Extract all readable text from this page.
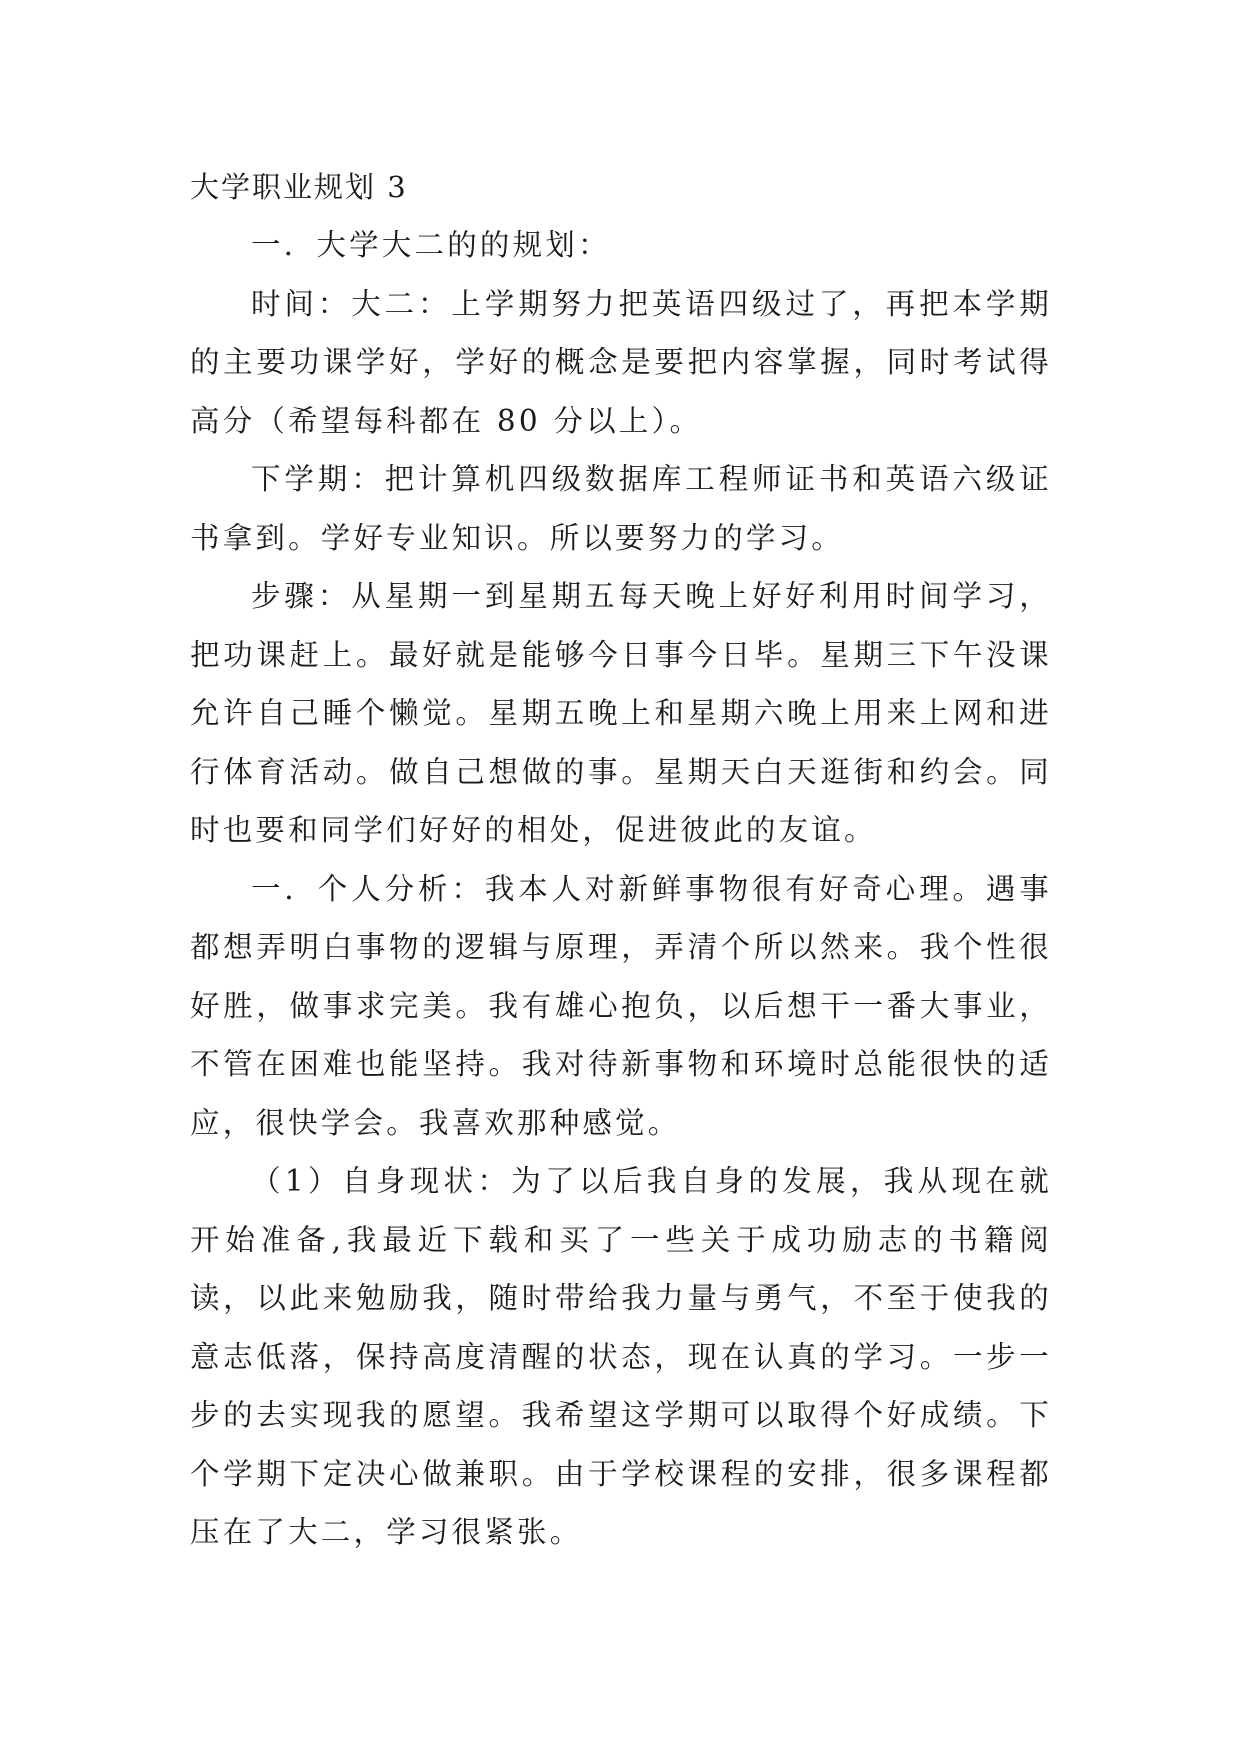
大学职业规划 3

一．大学大二的的规划：

时间：大二：上学期努力把英语四级过了，再把本学期的主要功课学好，学好的概念是要把内容掌握，同时考试得高分（希望每科都在 80 分以上）。

下学期：把计算机四级数据库工程师证书和英语六级证书拿到。学好专业知识。所以要努力的学习。

步骤：从星期一到星期五每天晚上好好利用时间学习，把功课赶上。最好就是能够今日事今日毕。星期三下午没课允许自己睡个懒觉。星期五晚上和星期六晚上用来上网和进行体育活动。做自己想做的事。星期天白天逛街和约会。同时也要和同学们好好的相处，促进彼此的友谊。

一．个人分析：我本人对新鲜事物很有好奇心理。遇事都想弄明白事物的逻辑与原理，弄清个所以然来。我个性很好胜，做事求完美。我有雄心抱负，以后想干一番大事业，不管在困难也能坚持。我对待新事物和环境时总能很快的适应，很快学会。我喜欢那种感觉。

（1）自身现状：为了以后我自身的发展，我从现在就开始准备,我最近下载和买了一些关于成功励志的书籍阅读，以此来勉励我，随时带给我力量与勇气，不至于使我的意志低落，保持高度清醒的状态，现在认真的学习。一步一步的去实现我的愿望。我希望这学期可以取得个好成绩。下个学期下定决心做兼职。由于学校课程的安排，很多课程都压在了大二，学习很紧张。
